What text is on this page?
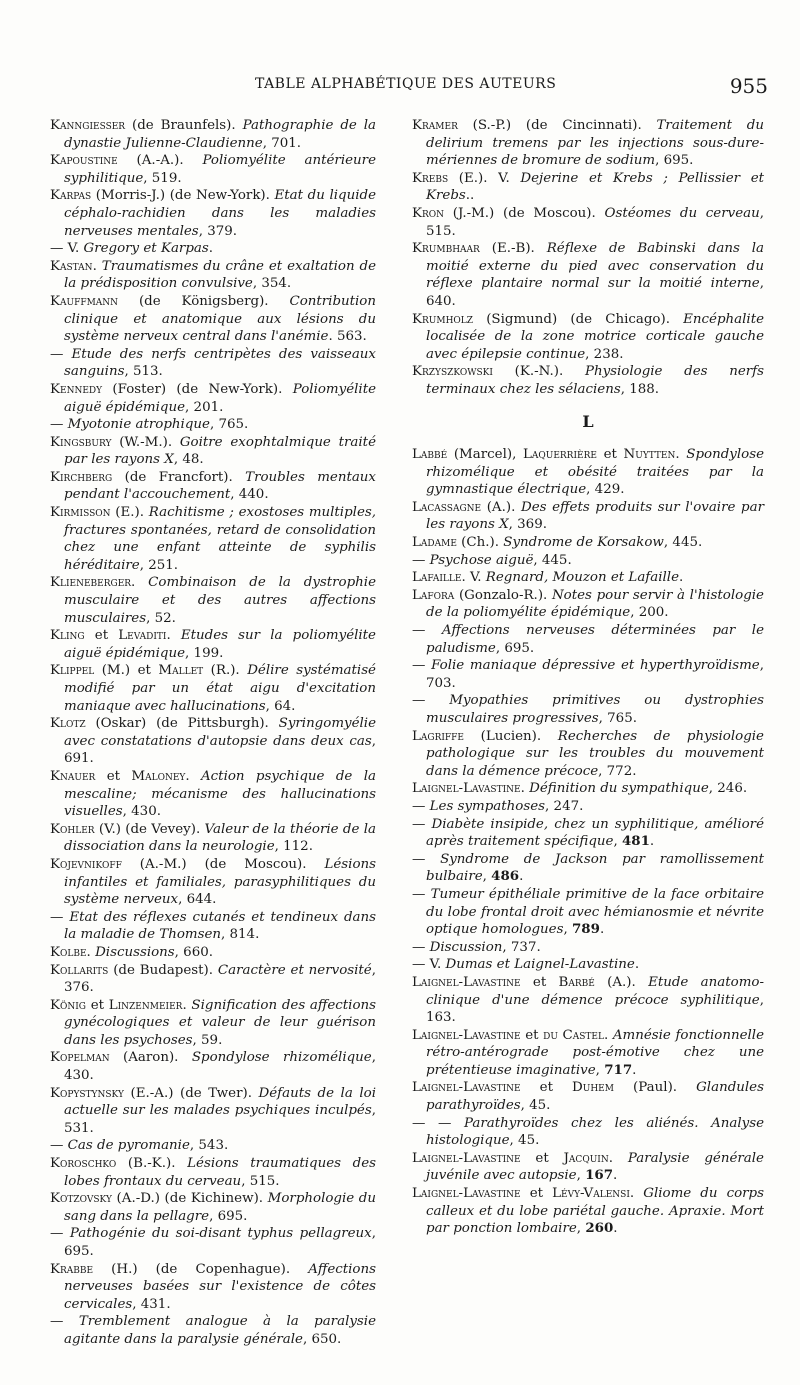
TABLE ALPHABÉTIQUE DES AUTEURS	955

Kanngiesser (de Braunfels). Pathographie de la dynastie Julienne-Claudienne, 701.

Kapoustine (A.-A.). Poliomyélite antérieure syphilitique, 519.

Karpas (Morris-J.) (de New-York). Etat du liquide céphalo-rachidien dans les maladies nerveuses mentales, 379.

— V. Gregory et Karpas.

Kastan. Traumatismes du crâne et exaltation de la prédisposition convulsive, 354.

Kauffmann (de Königsberg). Contribution clinique et anatomique aux lésions du système nerveux central dans l'anémie. 563.

— Etude des nerfs centripètes des vaisseaux sanguins, 513.

Kennedy (Foster) (de New-York). Poliomyélite aiguë épidémique, 201.

— Myotonie atrophique, 765.

Kingsbury (W.-M.). Goitre exophtalmique traité par les rayons X, 48.

Kirchberg (de Francfort). Troubles mentaux pendant l'accouchement, 440.

Kirmisson (E.). Rachitisme ; exostoses multiples, fractures spontanées, retard de consolidation chez une enfant atteinte de syphilis héréditaire, 251.

Klieneberger. Combinaison de la dystrophie musculaire et des autres affections musculaires, 52.

Kling et Levaditi. Etudes sur la poliomyélite aiguë épidémique, 199.

Klippel (M.) et Mallet (R.). Délire systématisé modifié par un état aigu d'excitation maniaque avec hallucinations, 64.

Klotz (Oskar) (de Pittsburgh). Syringomyélie avec constatations d'autopsie dans deux cas, 691.

Knauer et Maloney. Action psychique de la mescaline; mécanisme des hallucinations visuelles, 430.

Kohler (V.) (de Vevey). Valeur de la théorie de la dissociation dans la neurologie, 112.

Kojevnikoff (A.-M.) (de Moscou). Lésions infantiles et familiales, parasyphilitiques du système nerveux, 644.

— Etat des réflexes cutanés et tendineux dans la maladie de Thomsen, 814.

Kolbe. Discussions, 660.

Kollarits (de Budapest). Caractère et nervosité, 376.

König et Linzenmeier. Signification des affections gynécologiques et valeur de leur guérison dans les psychoses, 59.

Kopelman (Aaron). Spondylose rhizomélique, 430.

Kopystynsky (E.-A.) (de Twer). Défauts de la loi actuelle sur les malades psychiques inculpés, 531.

— Cas de pyromanie, 543.

Koroschko (B.-K.). Lésions traumatiques des lobes frontaux du cerveau, 515.

Kotzovsky (A.-D.) (de Kichinew). Morphologie du sang dans la pellagre, 695.

— Pathogénie du soi-disant typhus pellagreux, 695.

Krabbe (H.) (de Copenhague). Affections nerveuses basées sur l'existence de côtes cervicales, 431.

— Tremblement analogue à la paralysie agitante dans la paralysie générale, 650.

Kramer (S.-P.) (de Cincinnati). Traitement du delirium tremens par les injections sous-dure-mériennes de bromure de sodium, 695.

Krebs (E.). V. Dejerine et Krebs ; Pellissier et Krebs..

Kron (J.-M.) (de Moscou). Ostéomes du cerveau, 515.

Krumbhaar (E.-B). Réflexe de Babinski dans la moitié externe du pied avec conservation du réflexe plantaire normal sur la moitié interne, 640.

Krumholz (Sigmund) (de Chicago). Encéphalite localisée de la zone motrice corticale gauche avec épilepsie continue, 238.

Krzyszkowski (K.-N.). Physiologie des nerfs terminaux chez les sélaciens, 188.

L

Labbé (Marcel), Laquerrière et Nuytten. Spondylose rhizomélique et obésité traitées par la gymnastique électrique, 429.

Lacassagne (A.). Des effets produits sur l'ovaire par les rayons X, 369.

Ladame (Ch.). Syndrome de Korsakow, 445.

— Psychose aiguë, 445.

Lafaille. V. Regnard, Mouzon et Lafaille.

Lafora (Gonzalo-R.). Notes pour servir à l'histologie de la poliomyélite épidémique, 200.

— Affections nerveuses déterminées par le paludisme, 695.

— Folie maniaque dépressive et hyperthyroïdisme, 703.

— Myopathies primitives ou dystrophies musculaires progressives, 765.

Lagriffe (Lucien). Recherches de physiologie pathologique sur les troubles du mouvement dans la démence précoce, 772.

Laignel-Lavastine. Définition du sympathique, 246.

— Les sympathoses, 247.

— Diabète insipide, chez un syphilitique, amélioré après traitement spécifique, 481.

— Syndrome de Jackson par ramollissement bulbaire, 486.

— Tumeur épithéliale primitive de la face orbitaire du lobe frontal droit avec hémianosmie et névrite optique homologues, 789.

— Discussion, 737.

— V. Dumas et Laignel-Lavastine.

Laignel-Lavastine et Barbé (A.). Etude anatomo-clinique d'une démence précoce syphilitique, 163.

Laignel-Lavastine et du Castel. Amnésie fonctionnelle rétro-antérograde post-émotive chez une prétentieuse imaginative, 717.

Laignel-Lavastine et Duhem (Paul). Glandules parathyroïdes, 45.

— — Parathyroïdes chez les aliénés. Analyse histologique, 45.

Laignel-Lavastine et Jacquin. Paralysie générale juvénile avec autopsie, 167.

Laignel-Lavastine et Lévy-Valensi. Gliome du corps calleux et du lobe pariétal gauche. Apraxie. Mort par ponction lombaire, 260.
